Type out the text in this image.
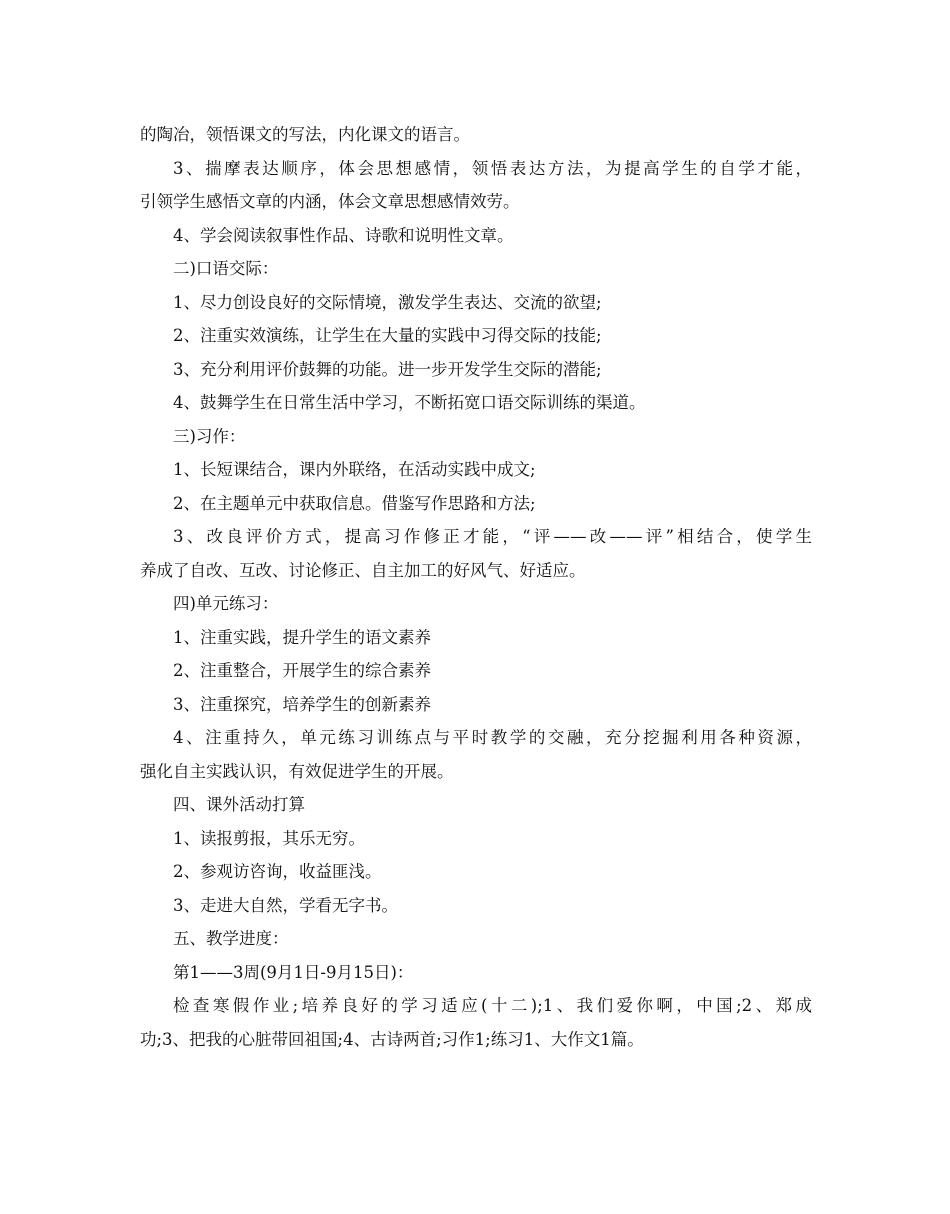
的陶冶，领悟课文的写法，内化课文的语言。
3、揣摩表达顺序，体会思想感情，领悟表达方法，为提高学生的自学才能，
引领学生感悟文章的内涵，体会文章思想感情效劳。
4、学会阅读叙事性作品、诗歌和说明性文章。
二)口语交际：
1、尽力创设良好的交际情境，激发学生表达、交流的欲望;
2、注重实效演练，让学生在大量的实践中习得交际的技能;
3、充分利用评价鼓舞的功能。进一步开发学生交际的潜能;
4、鼓舞学生在日常生活中学习，不断拓宽口语交际训练的渠道。
三)习作：
1、长短课结合，课内外联络，在活动实践中成文;
2、在主题单元中获取信息。借鉴写作思路和方法;
3、改良评价方式，提高习作修正才能，“评——改——评”相结合，使学生
养成了自改、互改、讨论修正、自主加工的好风气、好适应。
四)单元练习：
1、注重实践，提升学生的语文素养
2、注重整合，开展学生的综合素养
3、注重探究，培养学生的创新素养
4、注重持久，单元练习训练点与平时教学的交融，充分挖掘利用各种资源，
强化自主实践认识，有效促进学生的开展。
四、课外活动打算
1、读报剪报，其乐无穷。
2、参观访咨询，收益匪浅。
3、走进大自然，学看无字书。
五、教学进度：
第1——3周(9月1日-9月15日)：
检查寒假作业;培养良好的学习适应(十二);1、我们爱你啊，中国;2、郑成
功;3、把我的心脏带回祖国;4、古诗两首;习作1;练习1、大作文1篇。
